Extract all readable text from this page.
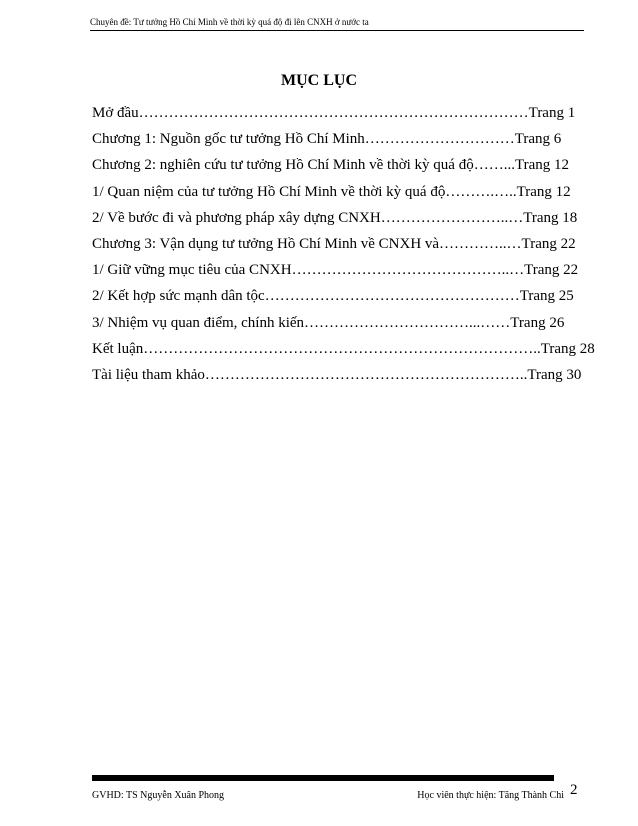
Chuyên đề: Tư tưởng Hồ Chí Minh về thời kỳ quá độ đi lên CNXH ở nước ta
MỤC LỤC
Mở đầu……………………………………………………………………Trang 1
Chương 1: Nguồn gốc tư tưởng Hồ Chí Minh…………………………Trang 6
Chương 2: nghiên cứu tư tưởng Hồ Chí Minh về thời kỳ quá độ……...Trang 12
1/ Quan niệm của tư tưởng Hồ Chí Minh về thời kỳ quá độ……….…..Trang 12
2/ Về bước đi và phương pháp xây dựng CNXH……………………..…Trang 18
Chương 3: Vận dụng tư tưởng Hồ Chí Minh về CNXH và…………..…Trang 22
1/ Giữ vững mục tiêu của CNXH……………………………………..…Trang 22
2/ Kết hợp sức mạnh dân tộc……………………………………………Trang 25
3/ Nhiệm vụ quan điểm, chính kiến……………………………...……Trang 26
Kết luận……………………………………………………………………..Trang 28
Tài liệu tham khảo………………………………………………………..Trang 30
2
GVHD: TS Nguyễn Xuân Phong	Học viên thực hiện: Tăng Thành Chi
